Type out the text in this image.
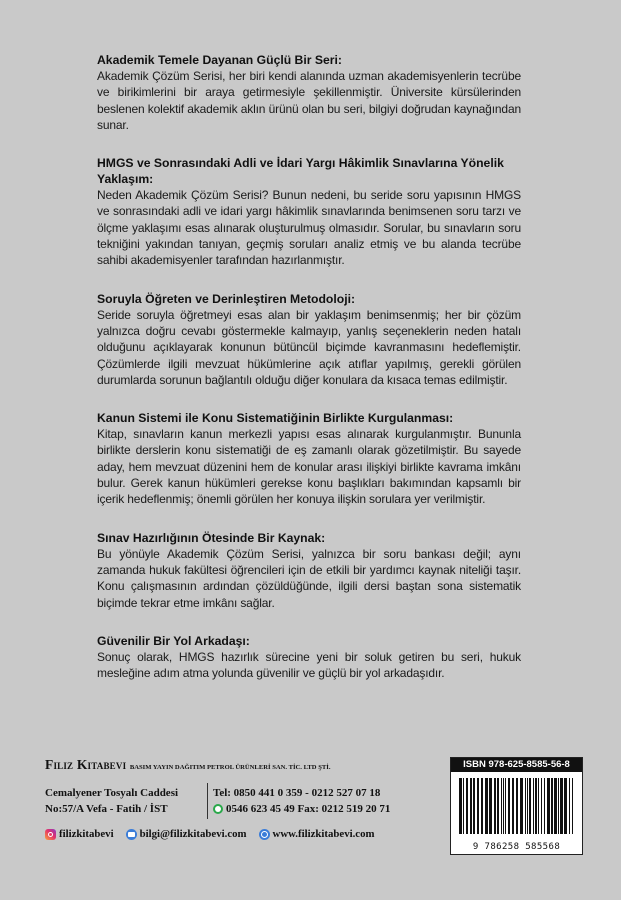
Akademik Temele Dayanan Güçlü Bir Seri:

Akademik Çözüm Serisi, her biri kendi alanında uzman akademisyenlerin tecrübe ve birikimlerini bir araya getirmesiyle şekillenmiştir. Üniversite kürsülerinden beslenen kolektif akademik aklın ürünü olan bu seri, bilgiyi doğrudan kaynağından sunar.

HMGS ve Sonrasındaki Adli ve İdari Yargı Hâkimlik Sınavlarına Yönelik Yaklaşım:

Neden Akademik Çözüm Serisi? Bunun nedeni, bu seride soru yapısının HMGS ve sonrasındaki adli ve idari yargı hâkimlik sınavlarında benimsenen soru tarzı ve ölçme yaklaşımı esas alınarak oluşturulmuş olmasıdır. Sorular, bu sınavların soru tekniğini yakından tanıyan, geçmiş soruları analiz etmiş ve bu alanda tecrübe sahibi akademisyenler tarafından hazırlanmıştır.

Soruyla Öğreten ve Derinleştiren Metodoloji:

Seride soruyla öğretmeyi esas alan bir yaklaşım benimsenmiş; her bir çözüm yalnızca doğru cevabı göstermekle kalmayıp, yanlış seçeneklerin neden hatalı olduğunu açıklayarak konunun bütüncül biçimde kavranmasını hedeflemiştir. Çözümlerde ilgili mevzuat hükümlerine açık atıflar yapılmış, gerekli görülen durumlarda sorunun bağlantılı olduğu diğer konulara da kısaca temas edilmiştir.

Kanun Sistemi ile Konu Sistematiğinin Birlikte Kurgulanması:

Kitap, sınavların kanun merkezli yapısı esas alınarak kurgulanmıştır. Bununla birlikte derslerin konu sistematiği de eş zamanlı olarak gözetilmiştir. Bu sayede aday, hem mevzuat düzenini hem de konular arası ilişkiyi birlikte kavrama imkânı bulur. Gerek kanun hükümleri gerekse konu başlıkları bakımından kapsamlı bir içerik hedeflenmiş; önemli görülen her konuya ilişkin sorulara yer verilmiştir.

Sınav Hazırlığının Ötesinde Bir Kaynak:

Bu yönüyle Akademik Çözüm Serisi, yalnızca bir soru bankası değil; aynı zamanda hukuk fakültesi öğrencileri için de etkili bir yardımcı kaynak niteliği taşır. Konu çalışmasının ardından çözüldüğünde, ilgili dersi baştan sona sistematik biçimde tekrar etme imkânı sağlar.

Güvenilir Bir Yol Arkadaşı:

Sonuç olarak, HMGS hazırlık sürecine yeni bir soluk getiren bu seri, hukuk mesleğine adım atma yolunda güvenilir ve güçlü bir yol arkadaşıdır.

Filiz Kitabevi BASIM YAYIN DAĞITIM PETROL ÜRÜNLERİ SAN. TİC. LTD ŞTİ.
Cemalyener Tosyalı Caddesi
No:57/A Vefa - Fatih / İST
Tel: 0850 441 0 359 - 0212 527 07 18
0546 623 45 49 Fax: 0212 519 20 71
ISBN 978-625-8585-56-8
9 786258 585568
filizkitabevi bilgi@filizkitabevi.com www.filizkitabevi.com
